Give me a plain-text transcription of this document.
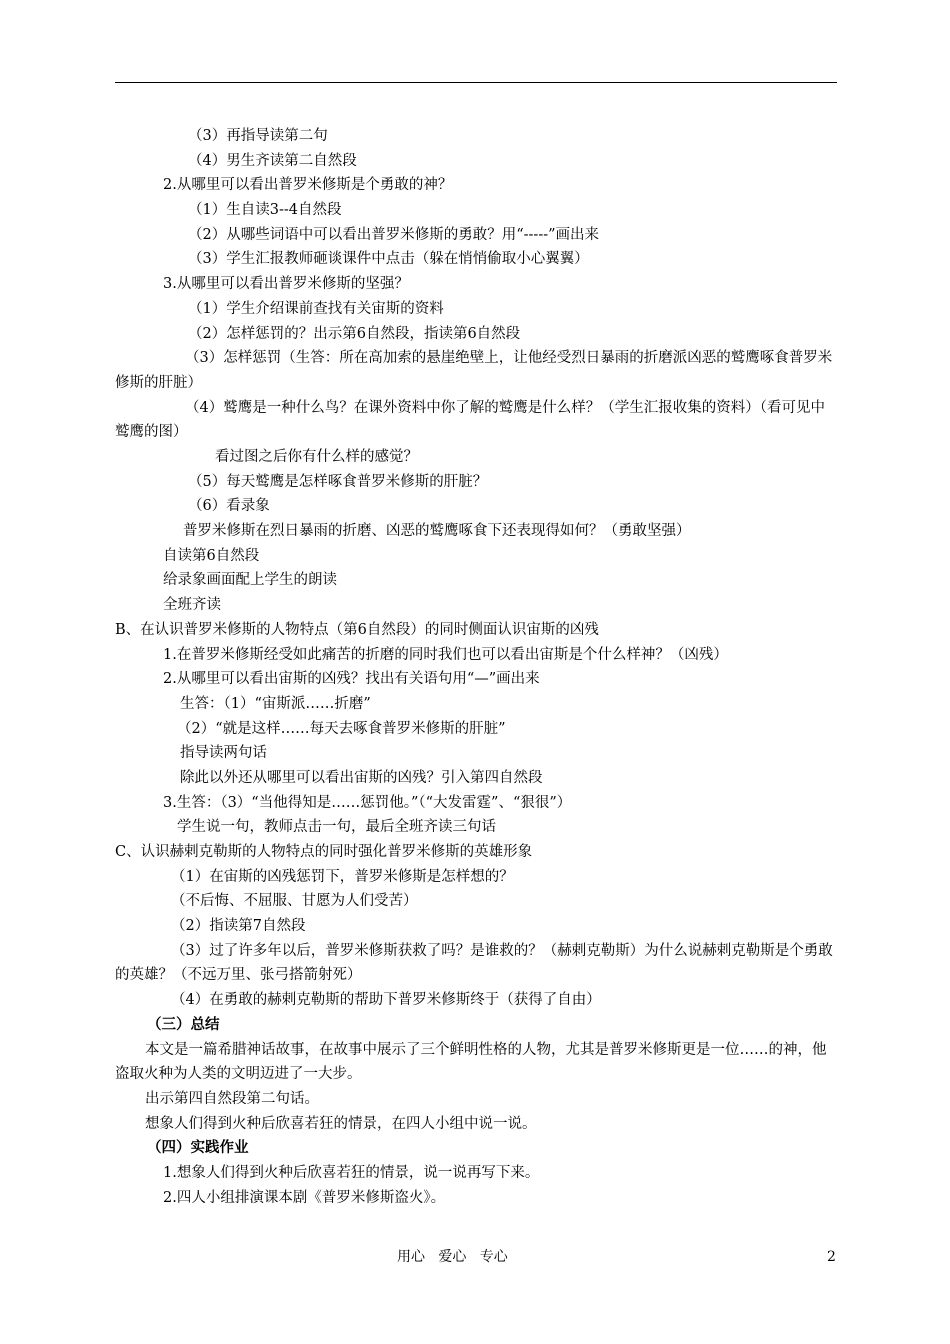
（3）再指导读第二句
（4）男生齐读第二自然段
2.从哪里可以看出普罗米修斯是个勇敢的神？
（1）生自读3--4自然段
（2）从哪些词语中可以看出普罗米修斯的勇敢？用“-----”画出来
（3）学生汇报教师砸谈课件中点击（躲在悄悄偷取小心翼翼）
3.从哪里可以看出普罗米修斯的坚强？
（1）学生介绍课前查找有关宙斯的资料
（2）怎样惩罚的？出示第6自然段，指读第6自然段
（3）怎样惩罚（生答：所在高加索的悬崖绝壁上，让他经受烈日暴雨的折磨派凶恶的鹫鹰啄食普罗米修斯的肝脏）
（4）鹫鹰是一种什么鸟？在课外资料中你了解的鹫鹰是什么样？（学生汇报收集的资料）（看可见中鹫鹰的图）
看过图之后你有什么样的感觉？
（5）每天鹫鹰是怎样啄食普罗米修斯的肝脏？
（6）看录象
普罗米修斯在烈日暴雨的折磨、凶恶的鹫鹰啄食下还表现得如何？（勇敢坚强）
自读第6自然段
给录象画面配上学生的朗读
全班齐读
B、在认识普罗米修斯的人物特点（第6自然段）的同时侧面认识宙斯的凶残
1.在普罗米修斯经受如此痛苦的折磨的同时我们也可以看出宙斯是个什么样神？（凶残）
2.从哪里可以看出宙斯的凶残？找出有关语句用“—”画出来
生答：（1）“宙斯派……折磨”
（2）“就是这样……每天去啄食普罗米修斯的肝脏”
指导读两句话
除此以外还从哪里可以看出宙斯的凶残？引入第四自然段
3.生答：（3）“当他得知是……惩罚他。”（“大发雷霆”、“狠很”）
学生说一句，教师点击一句，最后全班齐读三句话
C、认识赫剌克勒斯的人物特点的同时强化普罗米修斯的英雄形象
（1）在宙斯的凶残惩罚下，普罗米修斯是怎样想的？
（不后悔、不屈服、甘愿为人们受苦）
（2）指读第7自然段
（3）过了许多年以后，普罗米修斯获救了吗？是谁救的？（赫剌克勒斯）为什么说赫剌克勒斯是个勇敢的英雄？（不远万里、张弓搭箭射死）
（4）在勇敢的赫剌克勒斯的帮助下普罗米修斯终于（获得了自由）
（三）总结
本文是一篇希腊神话故事，在故事中展示了三个鲜明性格的人物，尤其是普罗米修斯更是一位……的神，他盗取火种为人类的文明迈进了一大步。
出示第四自然段第二句话。
想象人们得到火种后欣喜若狂的情景，在四人小组中说一说。
（四）实践作业
1.想象人们得到火种后欣喜若狂的情景，说一说再写下来。
2.四人小组排演课本剧《普罗米修斯盗火》。
用心   爱心   专心	2
